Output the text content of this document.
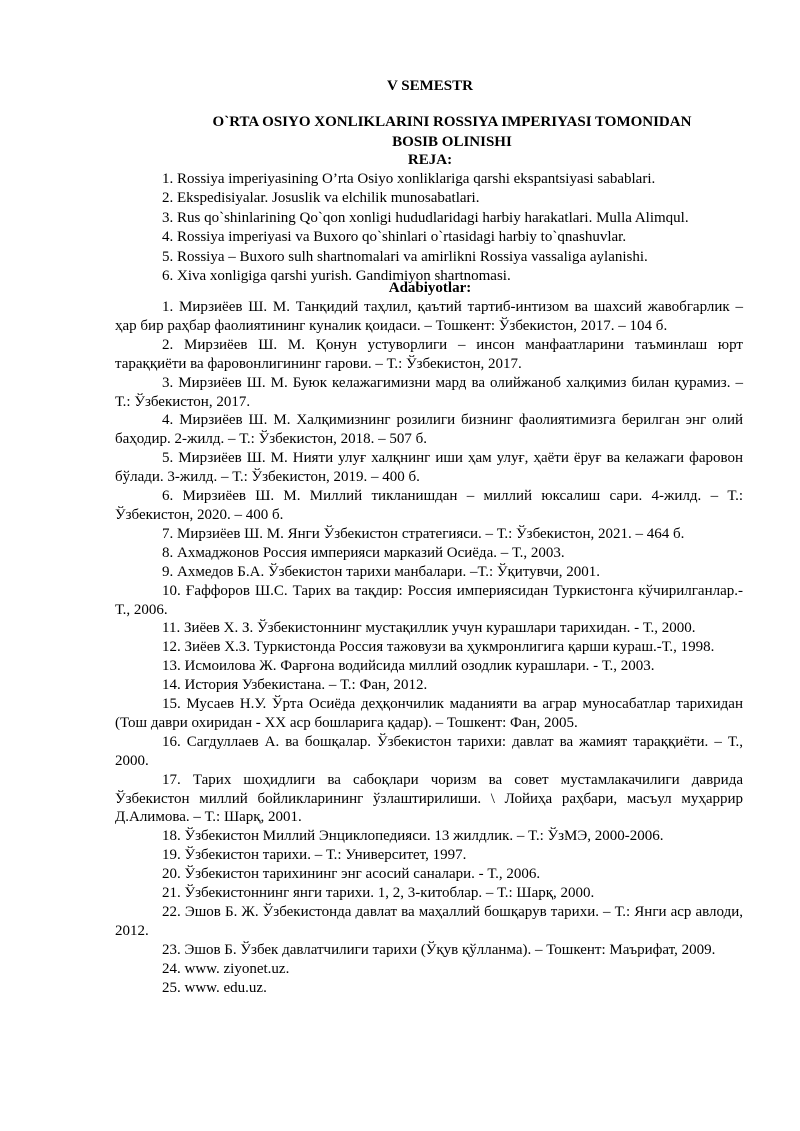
V SEMESTR
O`RTA OSIYO XONLIKLARINI ROSSIYA IMPERIYASI TOMONIDAN
BOSIB OLINISHI
REJA:
1. Rossiya imperiyasining O’rta Osiyo xonliklariga qarshi ekspantsiyasi sabablari.
2. Ekspedisiyalar. Josuslik va elchilik munosabatlari.
3. Rus qo`shinlarining Qo`qon xonligi hududlaridagi harbiy harakatlari. Mulla Alimqul.
4. Rossiya imperiyasi va Buxoro qo`shinlari o`rtasidagi harbiy to`qnashuvlar.
5. Rossiya – Buxoro sulh shartnomalari va amirlikni Rossiya vassaliga aylanishi.
6. Xiva xonligiga qarshi yurish. Gandimiyon shartnomasi.
Adabiyotlar:
1. Мирзиёев Ш. М. Танқидий таҳлил, қаътий тартиб-интизом ва шахсий жавобгарлик – ҳар бир раҳбар фаолиятининг куналик қоидаси. – Тошкент: Ўзбекистон, 2017. – 104 б.
2. Мирзиёев Ш. М. Қонун устуворлиги – инсон манфаатларини таъминлаш юрт тараққиёти ва фаровонлигининг гарови. – Т.: Ўзбекистон, 2017.
3. Мирзиёев Ш. М. Буюк келажагимизни мард ва олийжаноб халқимиз билан қурамиз. – Т.: Ўзбекистон, 2017.
4. Мирзиёев Ш. М. Халқимизнинг розилиги бизнинг фаолиятимизга берилган энг олий баҳодир. 2-жилд. – Т.: Ўзбекистон, 2018. – 507 б.
5. Мирзиёев Ш. М. Нияти улуғ халқнинг иши ҳам улуғ, ҳаёти ёруғ ва келажаги фаровон бўлади. 3-жилд. – Т.: Ўзбекистон, 2019. – 400 б.
6. Мирзиёев Ш. М. Миллий тикланишдан – миллий юксалиш сари. 4-жилд. – Т.: Ўзбекистон, 2020. – 400 б.
7. Мирзиёев Ш. М. Янги Ўзбекистон стратегияси. – Т.: Ўзбекистон, 2021. – 464 б.
8. Ахмаджонов Россия империяси марказий Осиёда. – Т., 2003.
9. Ахмедов Б.А. Ўзбекистон тарихи манбалари. –Т.: Ўқитувчи, 2001.
10. Ғаффоров Ш.С. Тарих ва тақдир: Россия империясидан Туркистонга кўчирилганлар.-Т., 2006.
11. Зиёев Х. З. Ўзбекистоннинг мустақиллик учун курашлари тарихидан. - Т., 2000.
12. Зиёев Х.З. Туркистонда Россия тажовузи ва ҳукмронлигига қарши кураш.-Т., 1998.
13. Исмоилова Ж. Фарғона водийсида миллий озодлик курашлари. - Т., 2003.
14. История Узбекистана. – Т.: Фан, 2012.
15. Мусаев Н.У. Ўрта Осиёда деҳқончилик маданияти ва аграр муносабатлар тарихидан (Тош даври охиридан - XX аср бошларига қадар). – Тошкент: Фан, 2005.
16. Сагдуллаев А. ва бошқалар. Ўзбекистон тарихи: давлат ва жамият тараққиёти. – Т., 2000.
17. Тарих шоҳидлиги ва сабоқлари чоризм ва совет мустамлакачилиги даврида Ўзбекистон миллий бойликларининг ўзлаштирилиши. \ Лойиҳа раҳбари, масъул муҳаррир Д.Алимова. – Т.: Шарқ, 2001.
18. Ўзбекистон Миллий Энциклопедияси. 13 жилдлик. – Т.: ЎзМЭ, 2000-2006.
19. Ўзбекистон тарихи. – Т.: Университет, 1997.
20. Ўзбекистон тарихининг энг асосий саналари. - Т., 2006.
21. Ўзбекистоннинг янги тарихи. 1, 2, 3-китоблар. – Т.: Шарқ, 2000.
22. Эшов Б. Ж. Ўзбекистонда давлат ва маҳаллий бошқарув тарихи. – Т.: Янги аср авлоди, 2012.
23. Эшов Б. Ўзбек давлатчилиги тарихи (Ўқув қўлланма). – Тошкент: Маърифат, 2009.
24. www. ziyonet.uz.
25. www. edu.uz.
